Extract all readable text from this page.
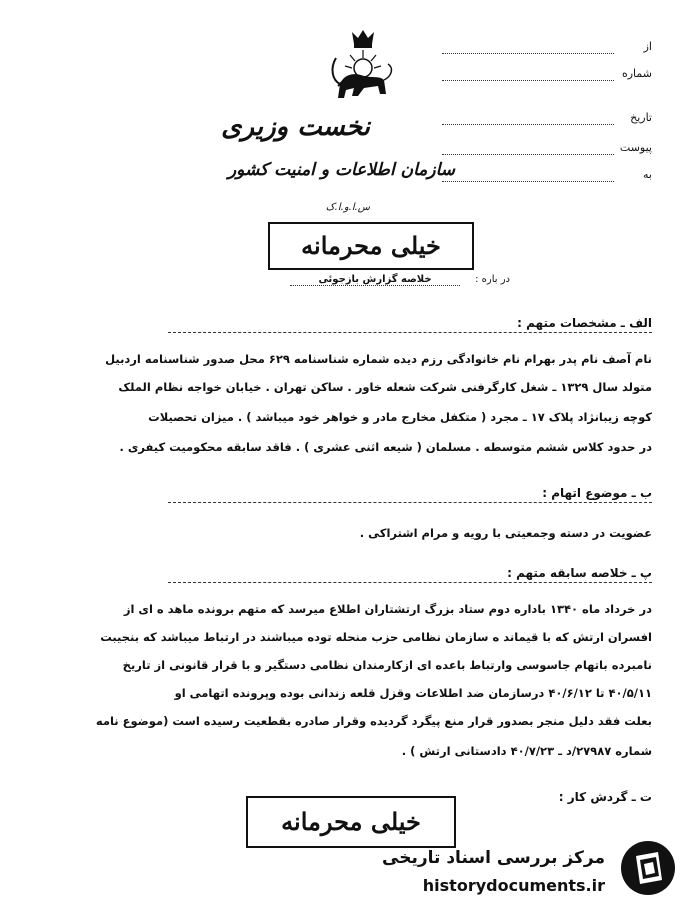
از
شماره
تاریخ
پیوست
به
نخست وزیری
سازمان اطلاعات و امنیت کشور
س.ا.و.ا.ک
خیلی محرمانه
در باره :
خلاصه گزارش بازجوئی
الف ـ مشخصات متهم :
نام آصف نام پدر بهرام نام خانوادگی رزم دیده شماره شناسنامه ۶۲۹ محل صدور شناسنامه اردبیل
متولد سال ۱۳۲۹ ـ شغل کارگرفنی شرکت شعله خاور . ساکن تهران . خیابان خواجه نظام الملک
کوچه زیبانژاد پلاک ۱۷ ـ مجرد ( متکفل مخارج مادر و خواهر خود میباشد ) . میزان تحصیلات
در حدود کلاس ششم متوسطه . مسلمان ( شیعه اثنی عشری ) . فاقد سابقه محکومیت کیفری .
ب ـ موضوع اتهام :
عضویت در دسته وجمعیتی با رویه و مرام اشتراکی .
پ ـ خلاصه سابقه متهم :
در خرداد ماه ۱۳۴۰ باداره دوم ستاد بزرگ ارتشتاران اطلاع میرسد که متهم برونده ماهد ه ای از
افسران ارتش که با قیماند ه سازمان نظامی حزب منحله توده میباشند در ارتباط میباشد که بنجیبت
نامبرده باتهام جاسوسی وارتباط باعده ای ازکارمندان نظامی دستگیر و با قرار قانونی از تاریخ
۴۰/۵/۱۱ تا ۴۰/۶/۱۲ درسازمان ضد اطلاعات وقزل قلعه زندانی بوده وپرونده اتهامی او
بعلت فقد دلیل منجر بصدور قرار منع پیگرد گردیده وقرار صادره بقطعیت رسیده است (موضوع نامه
شماره ۲۷۹۸۷/د ـ ۴۰/۷/۲۳ دادستانی ارتش ) .
ت ـ گردش کار :
خیلی محرمانه
مرکز بررسی اسناد تاریخی
historydocuments.ir
